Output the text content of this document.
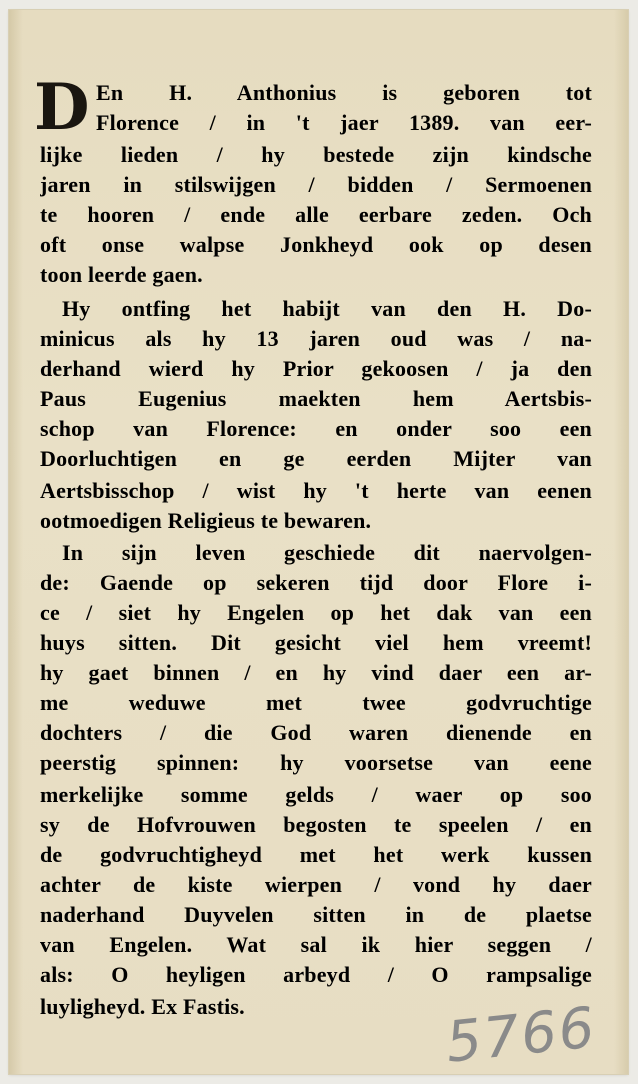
D En H. Anthonius is geboren tot
Florence / in 't jaer 1389. van eer-
lijke lieden / hy bestede zijn kindsche
jaren in stilswijgen / bidden / Sermoenen
te hooren / ende alle eerbare zeden. Och
oft onse walpse Jonkheyd ook op desen
toon leerde gaen.
Hy ontfing het habijt van den H. Do-
minicus als hy 13 jaren oud was / na-
derhand wierd hy Prior gekoosen / ja den
Paus Eugenius maekten hem Aertsbis-
schop van Florence: en onder soo een
Doorluchtigen en ge eerden Mijter van
Aertsbisschop / wist hy 't herte van eenen
ootmoedigen Religieus te bewaren.
In sijn leven geschiede dit naervolgen-
de: Gaende op sekeren tijd door Flore i-
ce / siet hy Engelen op het dak van een
huys sitten. Dit gesicht viel hem vreemt!
hy gaet binnen / en hy vind daer een ar-
me weduwe met twee godvruchtige
dochters / die God waren dienende en
peerstig spinnen: hy voorsetse van eene
merkelijke somme gelds / waer op soo
sy de Hofvrouwen begosten te speelen / en
de godvruchtigheyd met het werk kussen
achter de kiste wierpen / vond hy daer
naderhand Duyvelen sitten in de plaetse
van Engelen. Wat sal ik hier seggen /
als: O heyligen arbeyd / O rampsalige
luyligheyd. Ex Fastis.	5766
